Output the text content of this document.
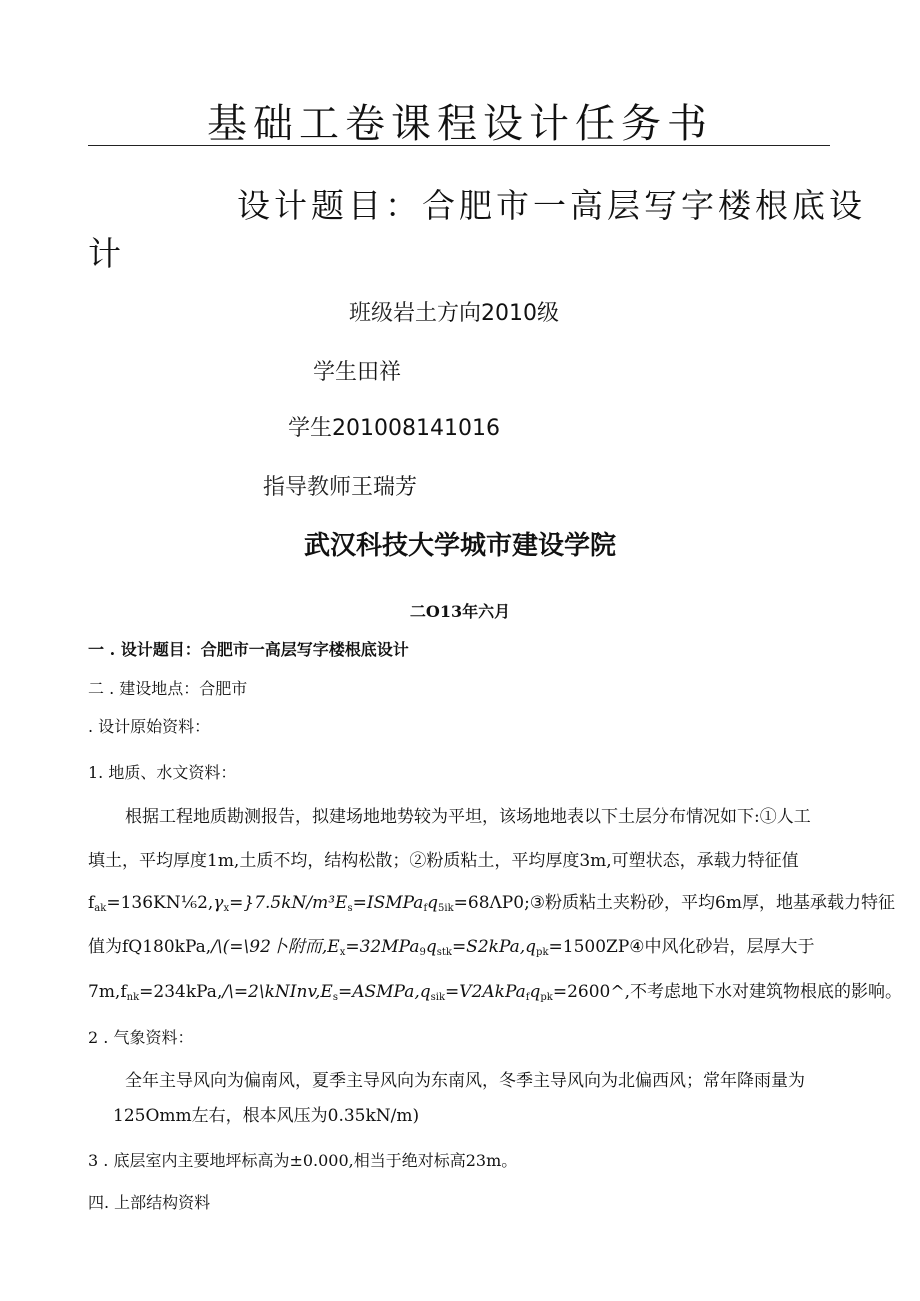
基础工卷课程设计任务书
设计题目：合肥市一高层写字楼根底设
计
班级岩土方向2010级
学生田祥
学生201008141016
指导教师王瑞芳
武汉科技大学城市建设学院
二O13年六月
一 . 设计题目：合肥市一高层写字楼根底设计
二 . 建设地点：合肥市
. 设计原始资料：
1. 地质、水文资料：
根据工程地质勘测报告，拟建场地地势较为平坦，该场地地表以下土层分布情况如下:①人工
填土，平均厚度1m,土质不均，结构松散；②粉质粘土，平均厚度3m,可塑状态，承载力特征值
$f_{ak}=136KN\frac{1}{6}2,\gamma_x=\}7.5kN/m^3E_s=ISMPa_fq_{5ik}=68\Lambda P0;③$粉质粘土夹粉砂，平均6m厚，地基承载力特征
值为fQ180kPa,/\(=\92卜附而$,E_x=32MPa_9q_{stk}=S2kPa,q_{pk}=1500ZP④$中风化砂岩，层厚大于
$7m,f_{nk}=234kPa,/\backslash=2\backslash kNInv,E_s=ASMPa,q_{sik}=V2AkPa_fq_{pk}=2600\^{}$,不考虑地下水对建筑物根底的影响。
2 . 气象资料：
全年主导风向为偏南风，夏季主导风向为东南风，冬季主导风向为北偏西风；常年降雨量为
125Omm左右，根本风压为0.35kN∕m)
3 . 底层室内主要地坪标高为±0.000,相当于绝对标高23m。
四. 上部结构资料
